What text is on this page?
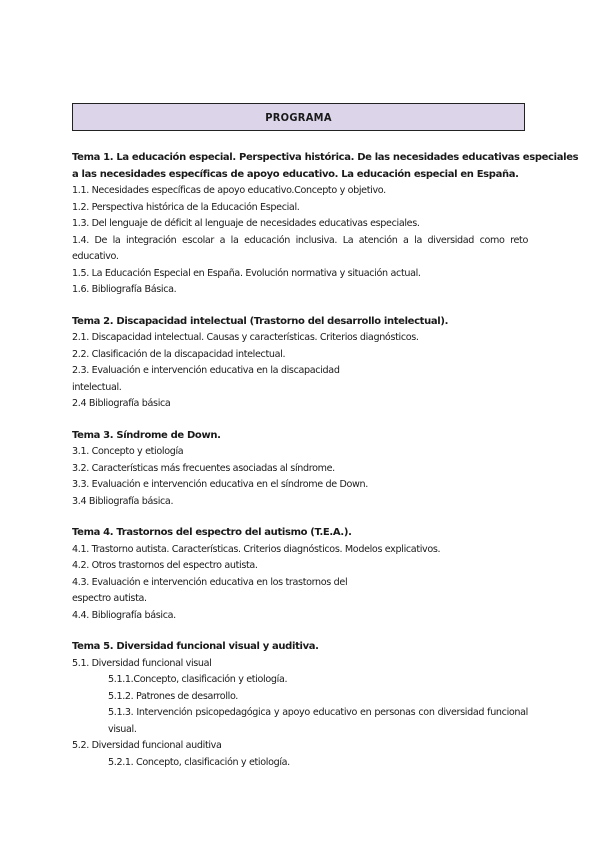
PROGRAMA

Tema 1. La educación especial. Perspectiva histórica. De las necesidades educativas especiales

a las necesidades específicas de apoyo educativo. La educación especial en España.

1.1. Necesidades específicas de apoyo educativo.Concepto y objetivo.

1.2. Perspectiva histórica de la Educación Especial.

1.3. Del lenguaje de déficit al lenguaje de necesidades educativas especiales.

1.4. De la integración escolar a la educación inclusiva. La atención a la diversidad como reto educativo.

1.5. La Educación Especial en España. Evolución normativa y situación actual.

1.6. Bibliografía Básica.

Tema 2. Discapacidad intelectual (Trastorno del desarrollo intelectual).

2.1. Discapacidad intelectual. Causas y características. Criterios diagnósticos.

2.2. Clasificación de la discapacidad intelectual.

2.3. Evaluación e intervención educativa en la discapacidad

intelectual.

2.4 Bibliografía básica

Tema 3. Síndrome de Down.

3.1. Concepto y etiología

3.2. Características más frecuentes asociadas al síndrome.

3.3. Evaluación e intervención educativa en el síndrome de Down.

3.4 Bibliografía básica.

Tema 4. Trastornos del espectro del autismo (T.E.A.).

4.1. Trastorno autista. Características. Criterios diagnósticos. Modelos explicativos.

4.2. Otros trastornos del espectro autista.

4.3. Evaluación e intervención educativa en los trastornos del

espectro autista.

4.4. Bibliografía básica.

Tema 5. Diversidad funcional visual y auditiva.

5.1. Diversidad funcional visual

5.1.1.Concepto, clasificación y etiología.

5.1.2. Patrones de desarrollo.

5.1.3. Intervención psicopedagógica y apoyo educativo en personas con diversidad funcional visual.

5.2. Diversidad funcional auditiva

5.2.1. Concepto, clasificación y etiología.
